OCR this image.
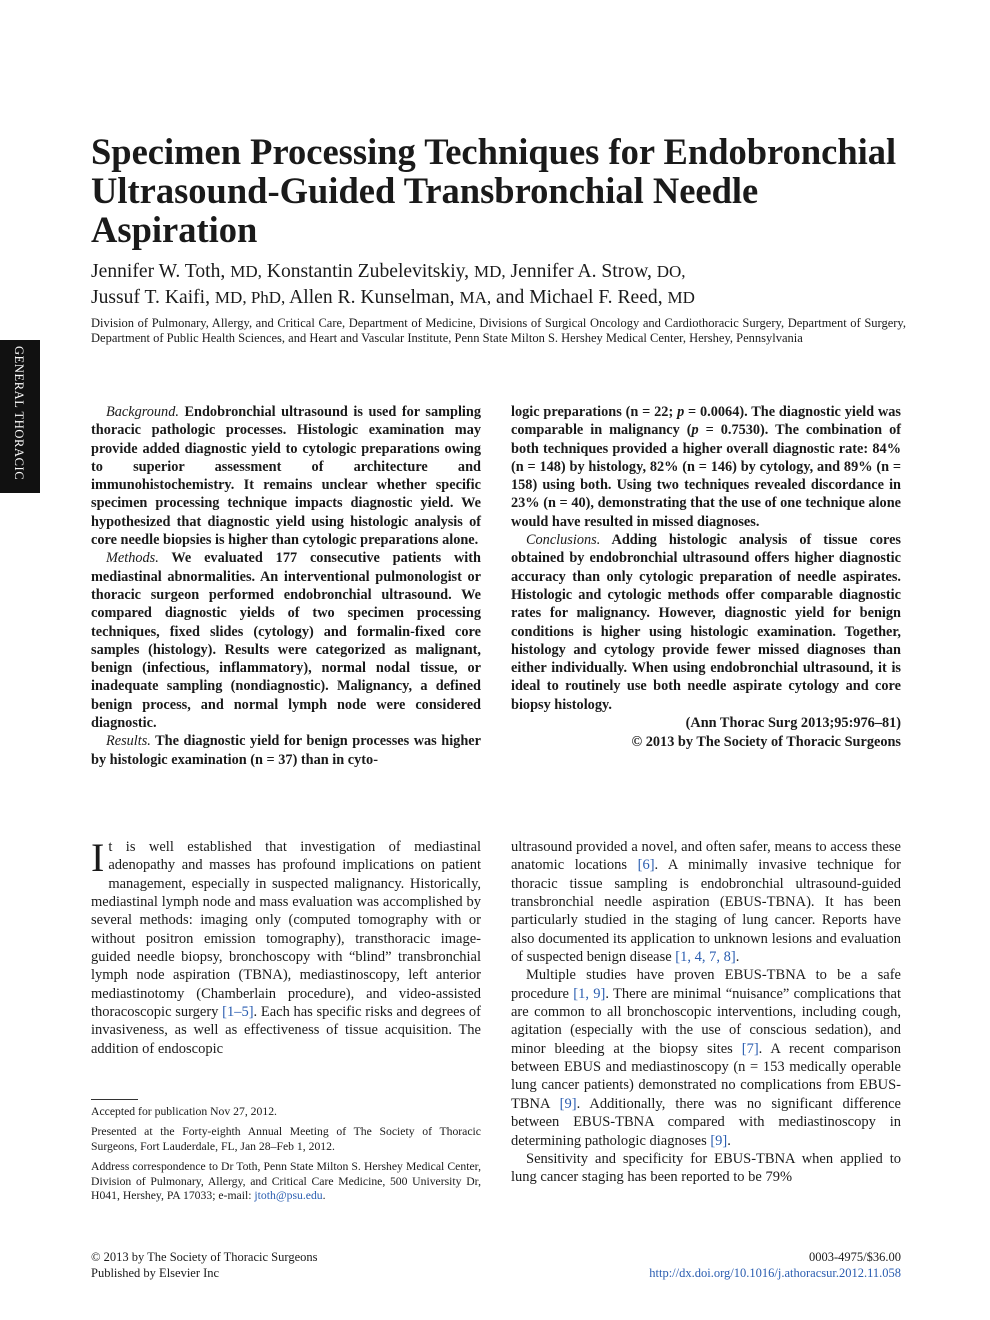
GENERAL THORACIC
Specimen Processing Techniques for Endobronchial Ultrasound-Guided Transbronchial Needle Aspiration
Jennifer W. Toth, MD, Konstantin Zubelevitskiy, MD, Jennifer A. Strow, DO,
Jussuf T. Kaifi, MD, PhD, Allen R. Kunselman, MA, and Michael F. Reed, MD

Division of Pulmonary, Allergy, and Critical Care, Department of Medicine, Divisions of Surgical Oncology and Cardiothoracic Surgery, Department of Surgery, Department of Public Health Sciences, and Heart and Vascular Institute, Penn State Milton S. Hershey Medical Center, Hershey, Pennsylvania

Background. Endobronchial ultrasound is used for sampling thoracic pathologic processes. Histologic examination may provide added diagnostic yield to cytologic preparations owing to superior assessment of architecture and immunohistochemistry. It remains unclear whether specific specimen processing technique impacts diagnostic yield. We hypothesized that diagnostic yield using histologic analysis of core needle biopsies is higher than cytologic preparations alone.

Methods. We evaluated 177 consecutive patients with mediastinal abnormalities. An interventional pulmonologist or thoracic surgeon performed endobronchial ultrasound. We compared diagnostic yields of two specimen processing techniques, fixed slides (cytology) and formalin-fixed core samples (histology). Results were categorized as malignant, benign (infectious, inflammatory), normal nodal tissue, or inadequate sampling (nondiagnostic). Malignancy, a defined benign process, and normal lymph node were considered diagnostic.

Results. The diagnostic yield for benign processes was higher by histologic examination (n = 37) than in cyto-

logic preparations (n = 22; p = 0.0064). The diagnostic yield was comparable in malignancy (p = 0.7530). The combination of both techniques provided a higher overall diagnostic rate: 84% (n = 148) by histology, 82% (n = 146) by cytology, and 89% (n = 158) using both. Using two techniques revealed discordance in 23% (n = 40), demonstrating that the use of one technique alone would have resulted in missed diagnoses.

Conclusions. Adding histologic analysis of tissue cores obtained by endobronchial ultrasound offers higher diagnostic accuracy than only cytologic preparation of needle aspirates. Histologic and cytologic methods offer comparable diagnostic rates for malignancy. However, diagnostic yield for benign conditions is higher using histologic examination. Together, histology and cytology provide fewer missed diagnoses than either individually. When using endobronchial ultrasound, it is ideal to routinely use both needle aspirate cytology and core biopsy histology.

(Ann Thorac Surg 2013;95:976–81)
© 2013 by The Society of Thoracic Surgeons

It is well established that investigation of mediastinal adenopathy and masses has profound implications on patient management, especially in suspected malignancy. Historically, mediastinal lymph node and mass evaluation was accomplished by several methods: imaging only (computed tomography with or without positron emission tomography), transthoracic image-guided needle biopsy, bronchoscopy with “blind” transbronchial lymph node aspiration (TBNA), mediastinoscopy, left anterior mediastinotomy (Chamberlain procedure), and video-assisted thoracoscopic surgery [1–5]. Each has specific risks and degrees of invasiveness, as well as effectiveness of tissue acquisition. The addition of endoscopic

ultrasound provided a novel, and often safer, means to access these anatomic locations [6]. A minimally invasive technique for thoracic tissue sampling is endobronchial ultrasound-guided transbronchial needle aspiration (EBUS-TBNA). It has been particularly studied in the staging of lung cancer. Reports have also documented its application to unknown lesions and evaluation of suspected benign disease [1, 4, 7, 8].

Multiple studies have proven EBUS-TBNA to be a safe procedure [1, 9]. There are minimal “nuisance” complications that are common to all bronchoscopic interventions, including cough, agitation (especially with the use of conscious sedation), and minor bleeding at the biopsy sites [7]. A recent comparison between EBUS and mediastinoscopy (n = 153 medically operable lung cancer patients) demonstrated no complications from EBUS-TBNA [9]. Additionally, there was no significant difference between EBUS-TBNA compared with mediastinoscopy in determining pathologic diagnoses [9].

Sensitivity and specificity for EBUS-TBNA when applied to lung cancer staging has been reported to be 79%

Accepted for publication Nov 27, 2012.

Presented at the Forty-eighth Annual Meeting of The Society of Thoracic Surgeons, Fort Lauderdale, FL, Jan 28–Feb 1, 2012.

Address correspondence to Dr Toth, Penn State Milton S. Hershey Medical Center, Division of Pulmonary, Allergy, and Critical Care Medicine, 500 University Dr, H041, Hershey, PA 17033; e-mail: jtoth@psu.edu.

© 2013 by The Society of Thoracic Surgeons
Published by Elsevier Inc
0003-4975/$36.00
http://dx.doi.org/10.1016/j.athoracsur.2012.11.058
